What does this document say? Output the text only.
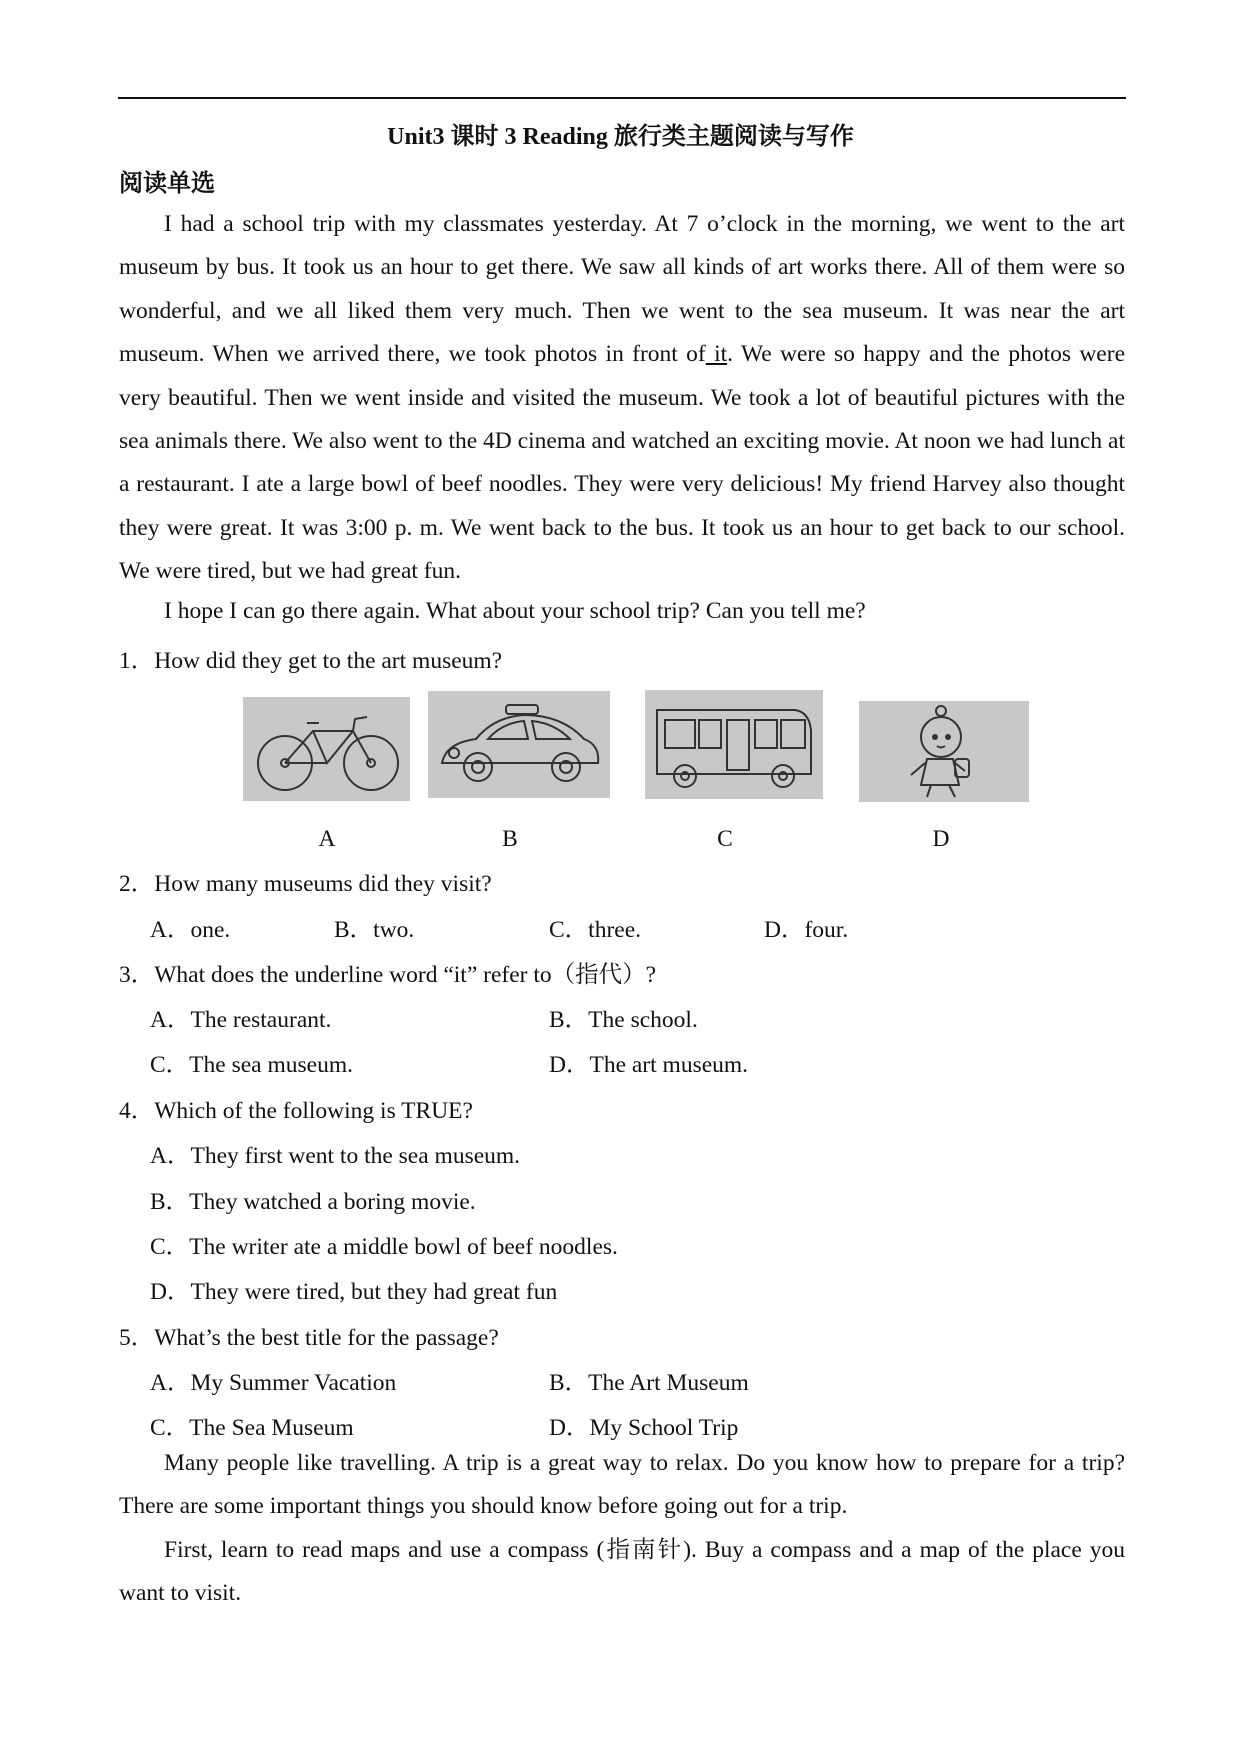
Unit3 课时 3 Reading 旅行类主题阅读与写作
阅读单选

I had a school trip with my classmates yesterday. At 7 o’clock in the morning, we went to the art museum by bus. It took us an hour to get there. We saw all kinds of art works there. All of them were so wonderful, and we all liked them very much. Then we went to the sea museum. It was near the art museum. When we arrived there, we took photos in front of it. We were so happy and the photos were very beautiful. Then we went inside and visited the museum. We took a lot of beautiful pictures with the sea animals there. We also went to the 4D cinema and watched an exciting movie. At noon we had lunch at a restaurant. I ate a large bowl of beef noodles. They were very delicious! My friend Harvey also thought they were great. It was 3:00 p. m. We went back to the bus. It took us an hour to get back to our school. We were tired, but we had great fun.

I hope I can go there again. What about your school trip? Can you tell me?

1．How did they get to the art museum?
A	B	C	D
2．How many museums did they visit?
A．one.	B．two.	C．three.	D．four.
3．What does the underline word “it” refer to（指代）?
A．The restaurant.	B．The school.
C．The sea museum.	D．The art museum.
4．Which of the following is TRUE?
A．They first went to the sea museum.
B．They watched a boring movie.
C．The writer ate a middle bowl of beef noodles.
D．They were tired, but they had great fun
5．What’s the best title for the passage?
A．My Summer Vacation	B．The Art Museum
C．The Sea Museum	D．My School Trip

Many people like travelling. A trip is a great way to relax. Do you know how to prepare for a trip? There are some important things you should know before going out for a trip.

First, learn to read maps and use a compass (指南针). Buy a compass and a map of the place you want to visit.
